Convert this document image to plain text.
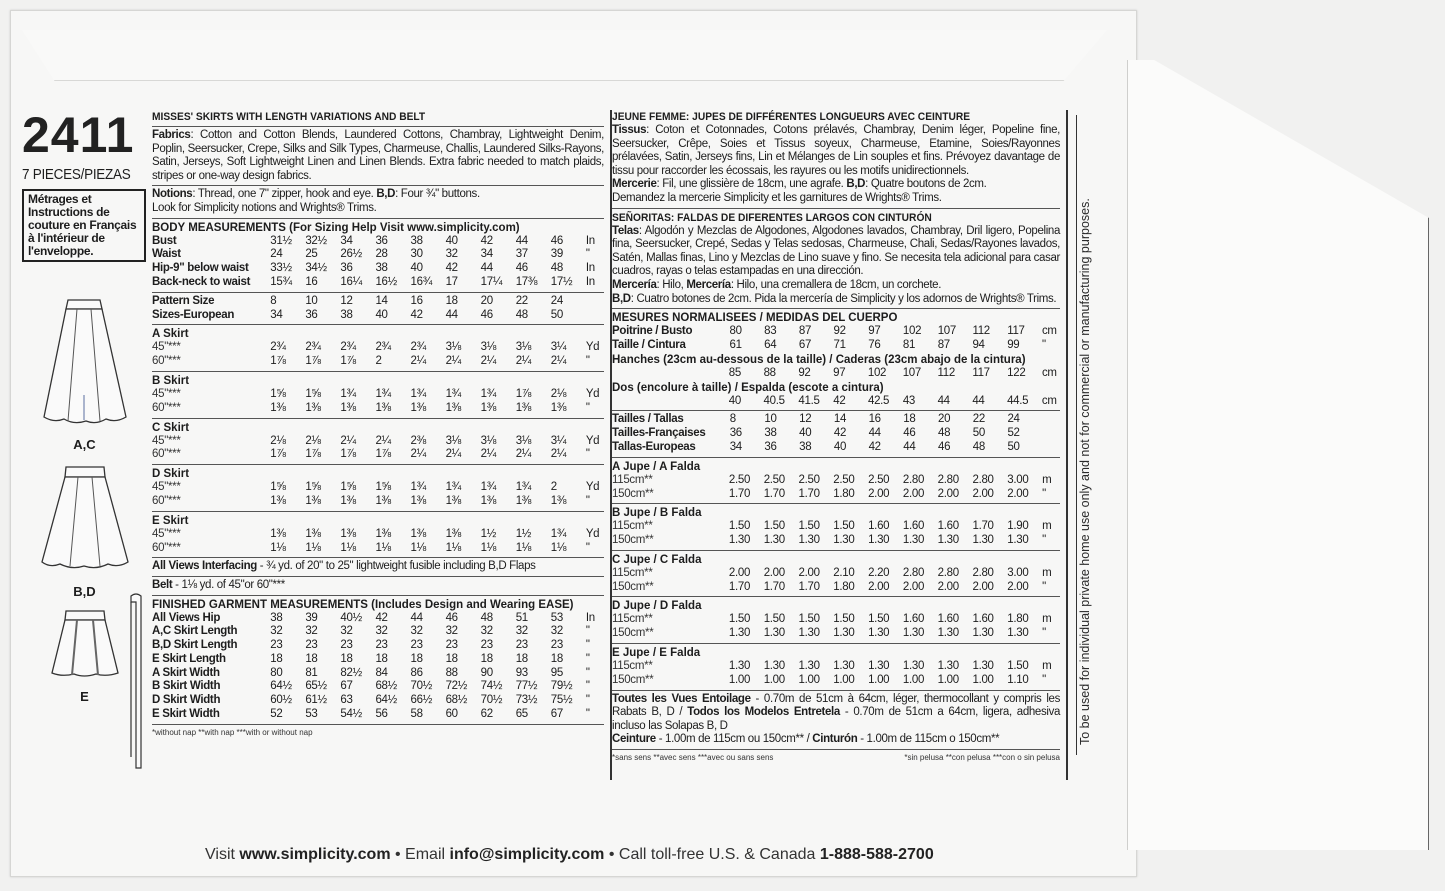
2411
7 PIECES/PIEZAS
Métrages et Instructions de couture en Français à l'intérieur de l'enveloppe.
A,C
B,D
E
MISSES' SKIRTS WITH LENGTH VARIATIONS AND BELT
Fabrics: Cotton and Cotton Blends, Laundered Cottons, Chambray, Lightweight Denim, Poplin, Seersucker, Crepe, Silks and Silk Types, Charmeuse, Challis, Laundered Silks-Rayons, Satin, Jerseys, Soft Lightweight Linen and Linen Blends. Extra fabric needed to match plaids, stripes or one-way design fabrics.
Notions: Thread, one 7" zipper, hook and eye. B,D: Four ¾" buttons.
Look for Simplicity notions and Wrights® Trims.
BODY MEASUREMENTS (For Sizing Help Visit www.simplicity.com)
Bust	31½	32½	34	36	38	40	42	44	46	In
Waist	24	25	26½	28	30	32	34	37	39	"
Hip-9" below waist	33½	34½	36	38	40	42	44	46	48	In
Back-neck to waist	15¾	16	16¼	16½	16¾	17	17¼	17⅜	17½	In
Pattern Size	8	10	12	14	16	18	20	22	24	
Sizes-European	34	36	38	40	42	44	46	48	50	
A Skirt
45"***	2¾	2¾	2¾	2¾	2¾	3⅛	3⅛	3⅛	3¼	Yd
60"***	1⅞	1⅞	1⅞	2	2¼	2¼	2¼	2¼	2¼	"
B Skirt
45"***	1⅝	1⅝	1¾	1¾	1¾	1¾	1¾	1⅞	2⅛	Yd
60"***	1⅜	1⅜	1⅜	1⅜	1⅜	1⅜	1⅜	1⅜	1⅜	"
C Skirt
45"***	2⅛	2⅛	2¼	2¼	2⅜	3⅛	3⅛	3⅛	3¼	Yd
60"***	1⅞	1⅞	1⅞	1⅞	2¼	2¼	2¼	2¼	2¼	"
D Skirt
45"***	1⅝	1⅝	1⅝	1⅝	1¾	1¾	1¾	1¾	2	Yd
60"***	1⅜	1⅜	1⅜	1⅜	1⅜	1⅜	1⅜	1⅜	1⅜	"
E Skirt
45"***	1⅜	1⅜	1⅜	1⅜	1⅜	1⅜	1½	1½	1¾	Yd
60"***	1⅛	1⅛	1⅛	1⅛	1⅛	1⅛	1⅛	1⅛	1⅛	"
All Views Interfacing - ¾ yd. of 20" to 25" lightweight fusible including B,D Flaps
Belt - 1⅛ yd. of 45"or 60"***
FINISHED GARMENT MEASUREMENTS (Includes Design and Wearing EASE)
All Views Hip	38	39	40½	42	44	46	48	51	53	In
A,C Skirt Length	32	32	32	32	32	32	32	32	32	"
B,D Skirt Length	23	23	23	23	23	23	23	23	23	"
E Skirt Length	18	18	18	18	18	18	18	18	18	"
A Skirt Width	80	81	82½	84	86	88	90	93	95	"
B Skirt Width	64½	65½	67	68½	70½	72½	74½	77½	79½	"
D Skirt Width	60½	61½	63	64½	66½	68½	70½	73½	75½	"
E Skirt Width	52	53	54½	56	58	60	62	65	67	"
*without nap **with nap ***with or without nap
JEUNE FEMME: JUPES DE DIFFÉRENTES LONGUEURS AVEC CEINTURE
Tissus: Coton et Cotonnades, Cotons prélavés, Chambray, Denim léger, Popeline fine, Seersucker, Crêpe, Soies et Tissus soyeux, Charmeuse, Etamine, Soies/Rayonnes prélavées, Satin, Jerseys fins, Lin et Mélanges de Lin souples et fins. Prévoyez davantage de tissu pour raccorder les écossais, les rayures ou les motifs unidirectionnels.
Mercerie: Fil, une glissière de 18cm, une agrafe. B,D: Quatre boutons de 2cm.
Demandez la mercerie Simplicity et les garnitures de Wrights® Trims.
SEÑORITAS: FALDAS DE DIFERENTES LARGOS CON CINTURÓN
Telas: Algodón y Mezclas de Algodones, Algodones lavados, Chambray, Dril ligero, Popelina fina, Seersucker, Crepé, Sedas y Telas sedosas, Charmeuse, Chali, Sedas/Rayones lavados, Satén, Mallas finas, Lino y Mezclas de Lino suave y fino. Se necesita tela adicional para casar cuadros, rayas o telas estampadas en una dirección.
Mercería: Hilo, Mercería: Hilo, una cremallera de 18cm, un corchete.
B,D: Cuatro botones de 2cm. Pida la mercería de Simplicity y los adornos de Wrights® Trims.
MESURES NORMALISEES / MEDIDAS DEL CUERPO
Poitrine / Busto	80	83	87	92	97	102	107	112	117	cm
Taille / Cintura	61	64	67	71	76	81	87	94	99	"
Hanches (23cm au-dessous de la taille) / Caderas (23cm abajo de la cintura)
	85	88	92	97	102	107	112	117	122	cm
Dos (encolure à taille) / Espalda (escote a cintura)
	40	40.5	41.5	42	42.5	43	44	44	44.5	cm
Tailles / Tallas	8	10	12	14	16	18	20	22	24	
Tailles-Françaises	36	38	40	42	44	46	48	50	52	
Tallas-Europeas	34	36	38	40	42	44	46	48	50	
A Jupe / A Falda
115cm**	2.50	2.50	2.50	2.50	2.50	2.80	2.80	2.80	3.00	m
150cm**	1.70	1.70	1.70	1.80	2.00	2.00	2.00	2.00	2.00	"
B Jupe / B Falda
115cm**	1.50	1.50	1.50	1.50	1.60	1.60	1.60	1.70	1.90	m
150cm**	1.30	1.30	1.30	1.30	1.30	1.30	1.30	1.30	1.30	"
C Jupe / C Falda
115cm**	2.00	2.00	2.00	2.10	2.20	2.80	2.80	2.80	3.00	m
150cm**	1.70	1.70	1.70	1.80	2.00	2.00	2.00	2.00	2.00	"
D Jupe / D Falda
115cm**	1.50	1.50	1.50	1.50	1.50	1.60	1.60	1.60	1.80	m
150cm**	1.30	1.30	1.30	1.30	1.30	1.30	1.30	1.30	1.30	"
E Jupe / E Falda
115cm**	1.30	1.30	1.30	1.30	1.30	1.30	1.30	1.30	1.50	m
150cm**	1.00	1.00	1.00	1.00	1.00	1.00	1.00	1.00	1.10	"
Toutes les Vues Entoilage - 0.70m de 51cm à 64cm, léger, thermocollant y compris les Rabats B, D / Todos los Modelos Entretela - 0.70m de 51cm a 64cm, ligera, adhesiva incluso las Solapas B, D
Ceinture - 1.00m de 115cm ou 150cm** / Cinturón - 1.00m de 115cm o 150cm**
*sans sens **avec sens ***avec ou sans sens	*sin pelusa **con pelusa ***con o sin pelusa
To be used for individual private home use only and not for commercial or manufacturing purposes.
Visit www.simplicity.com • Email info@simplicity.com • Call toll-free U.S. & Canada 1-888-588-2700
